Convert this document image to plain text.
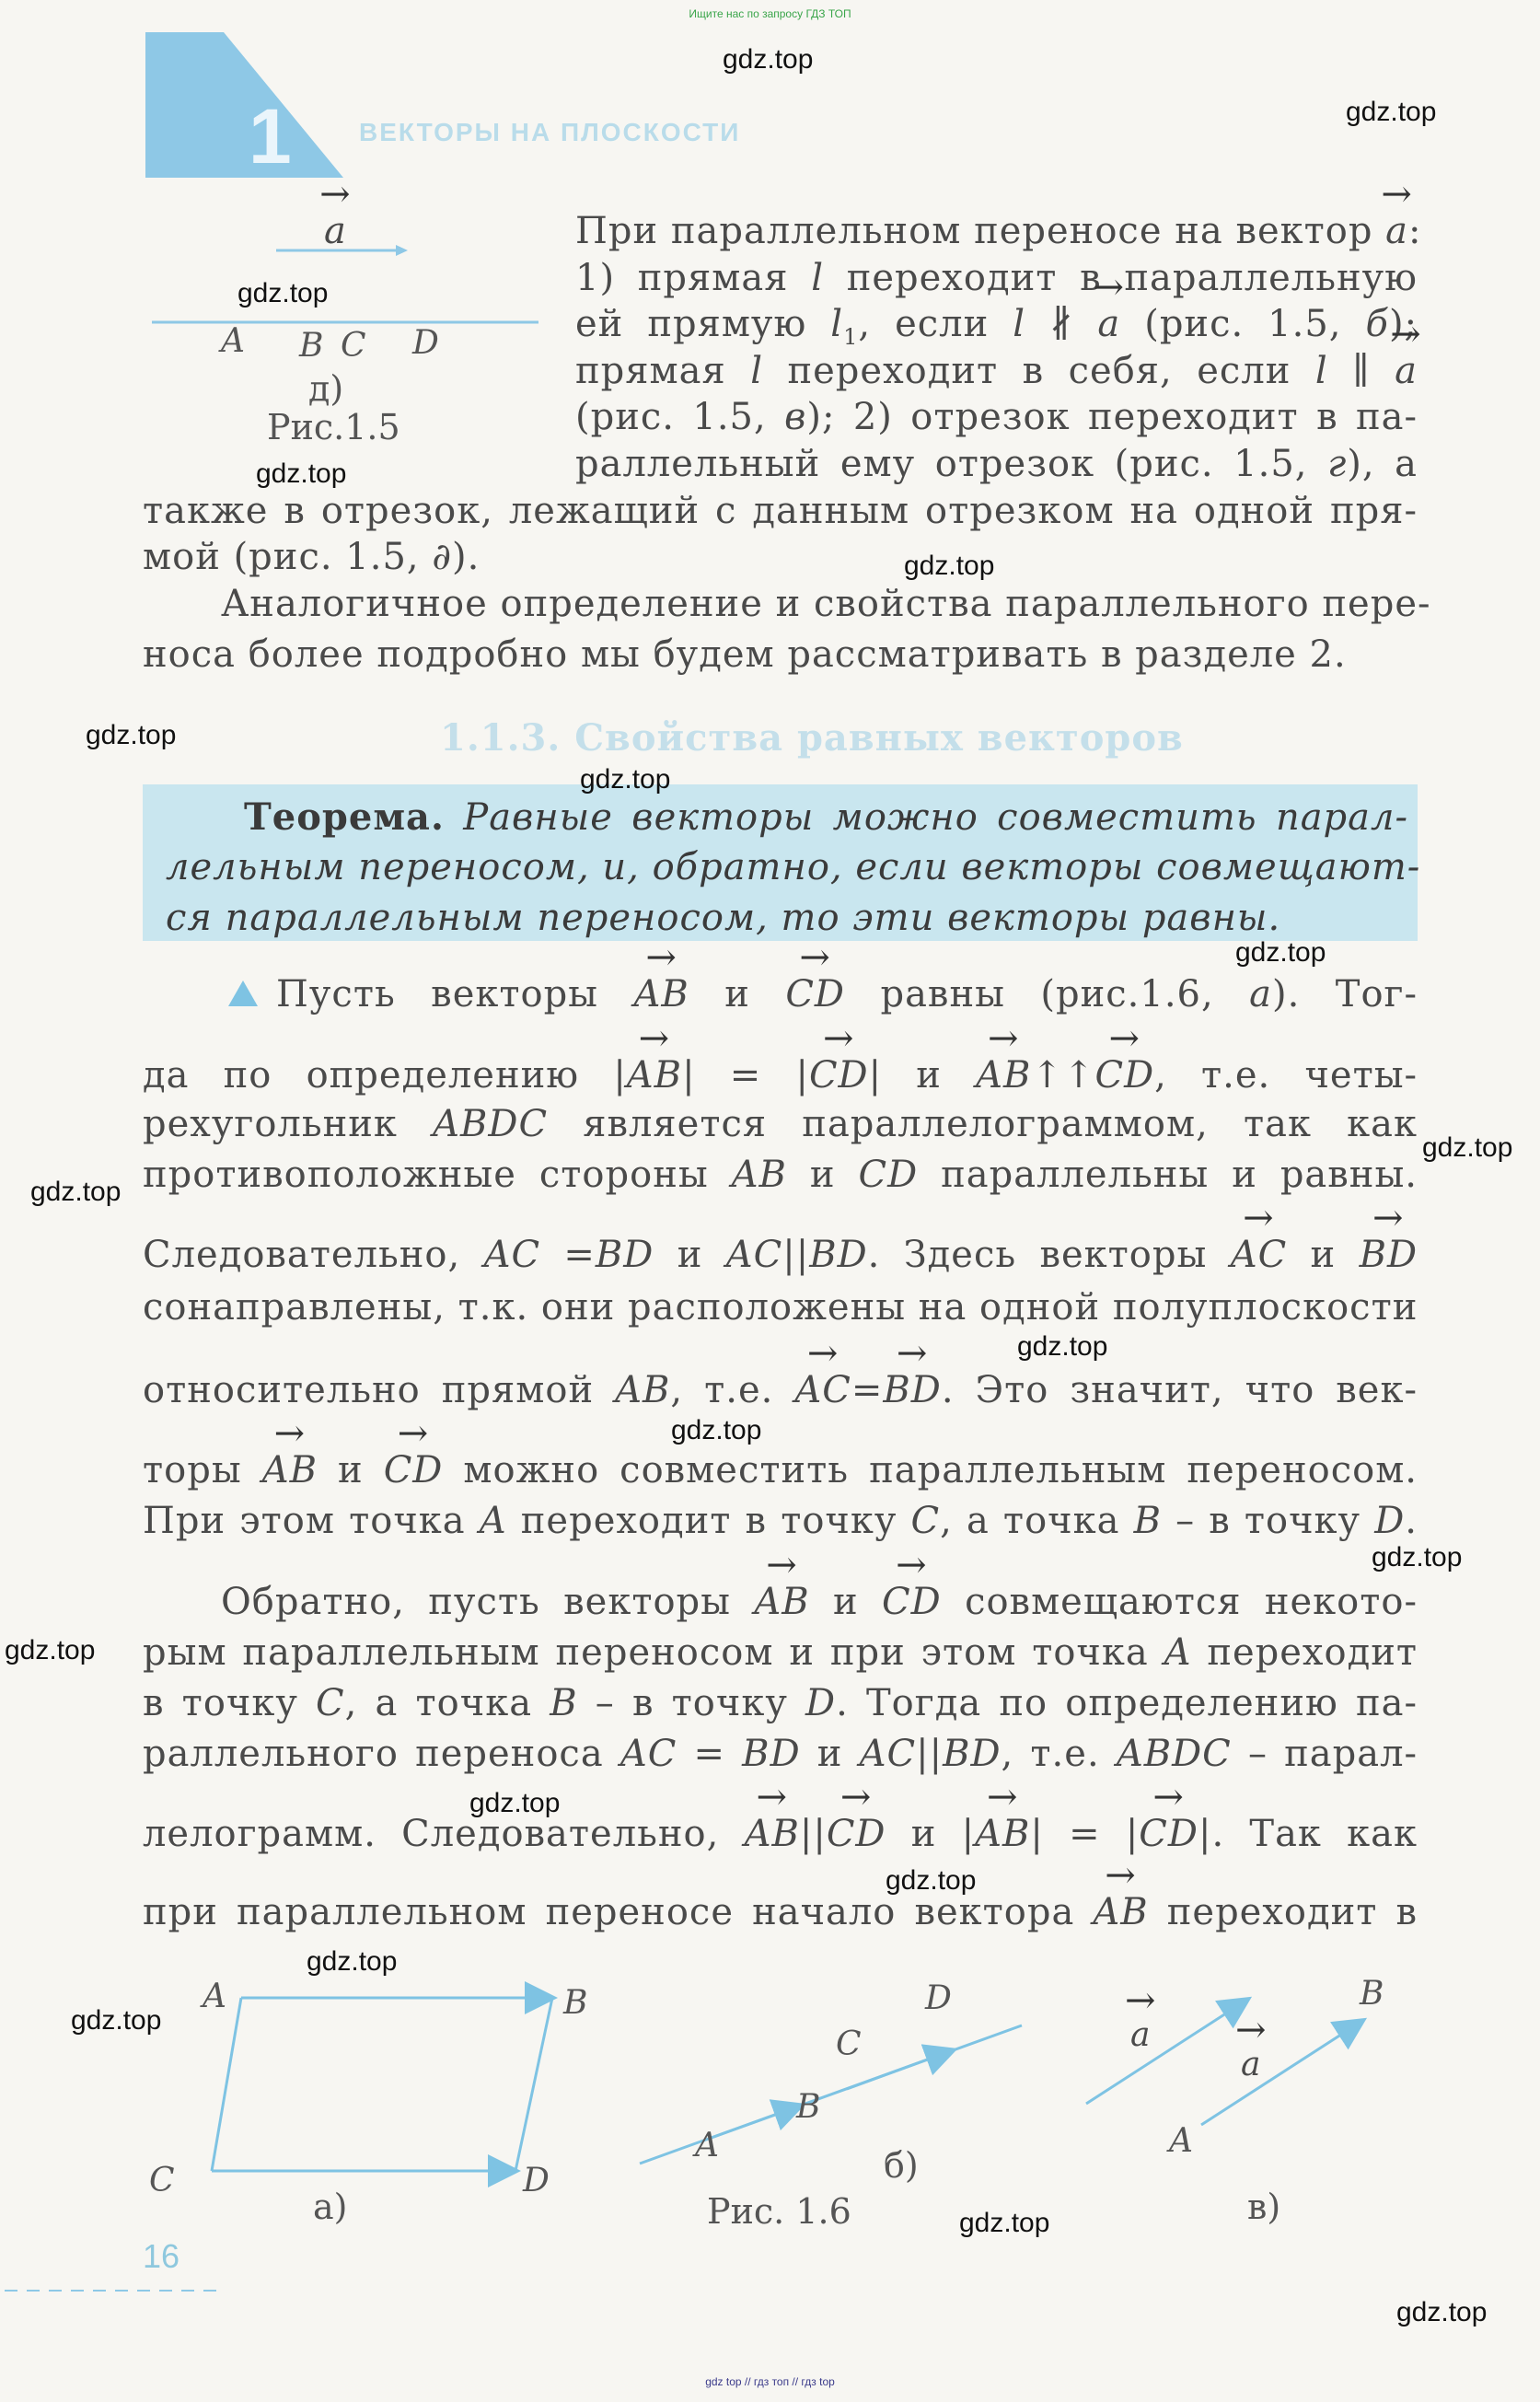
Ищите нас по запросу ГДЗ ТОП
gdz top // гдз топ // гдз top
1	ВЕКТОРЫ НА ПЛОСКОСТИ
→ a
A B C D
д)
Рис.1.5
При параллельном переносе на вектор → a:
1) прямая l переходит в параллельную
ей прямую $l_1$, если l ∦ → a (рис. 1.5, б);
прямая l переходит в себя, если l ∥ → a
(рис. 1.5, в); 2) отрезок переходит в па-
раллельный ему отрезок (рис. 1.5, г), а
также в отрезок, лежащий с данным отрезком на одной пря-
мой (рис. 1.5, ∂).
Аналогичное определение и свойства параллельного пере-
носа более подробно мы будем рассматривать в разделе 2.
1.1.3. Свойства равных векторов
Теорема. Равные векторы можно совместить парал-
лельным переносом, и, обратно, если векторы совмещают-
ся параллельным переносом, то эти векторы равны.
Пусть векторы → AB и → CD равны (рис.1.6, а). Тог-
да по определению |→ AB| = |→ CD| и → AB↑↑→ CD, т.е. четы-
рехугольник ABDC является параллелограммом, так как
противоположные стороны AB и CD параллельны и равны.
Следовательно, AC =BD и AC||BD. Здесь векторы → AC и → BD
сонаправлены, т.к. они расположены на одной полуплоскости
относительно прямой AB, т.е. → AC=→ BD. Это значит, что век-
торы → AB и → CD можно совместить параллельным переносом.
При этом точка A переходит в точку C, а точка B – в точку D.
Обратно, пусть векторы → AB и → CD совмещаются некото-
рым параллельным переносом и при этом точка A переходит
в точку C, а точка B – в точку D. Тогда по определению па-
раллельного переноса AC = BD и AC||BD, т.е. ABDC – парал-
лелограмм. Следовательно, → AB||→ CD и |→ AB| = |→ CD|. Так как
при параллельном переносе начало вектора → AB переходит в
A	B
C	D
а)
A
B
C
D
б)
Рис. 1.6
→ a
→ a
A
B
в)
16
gdz.top
gdz.top
gdz.top
gdz.top
gdz.top
gdz.top
gdz.top
gdz.top
gdz.top
gdz.top
gdz.top
gdz.top
gdz.top
gdz.top
gdz.top
gdz.top
gdz.top
gdz.top
gdz.top
gdz.top
